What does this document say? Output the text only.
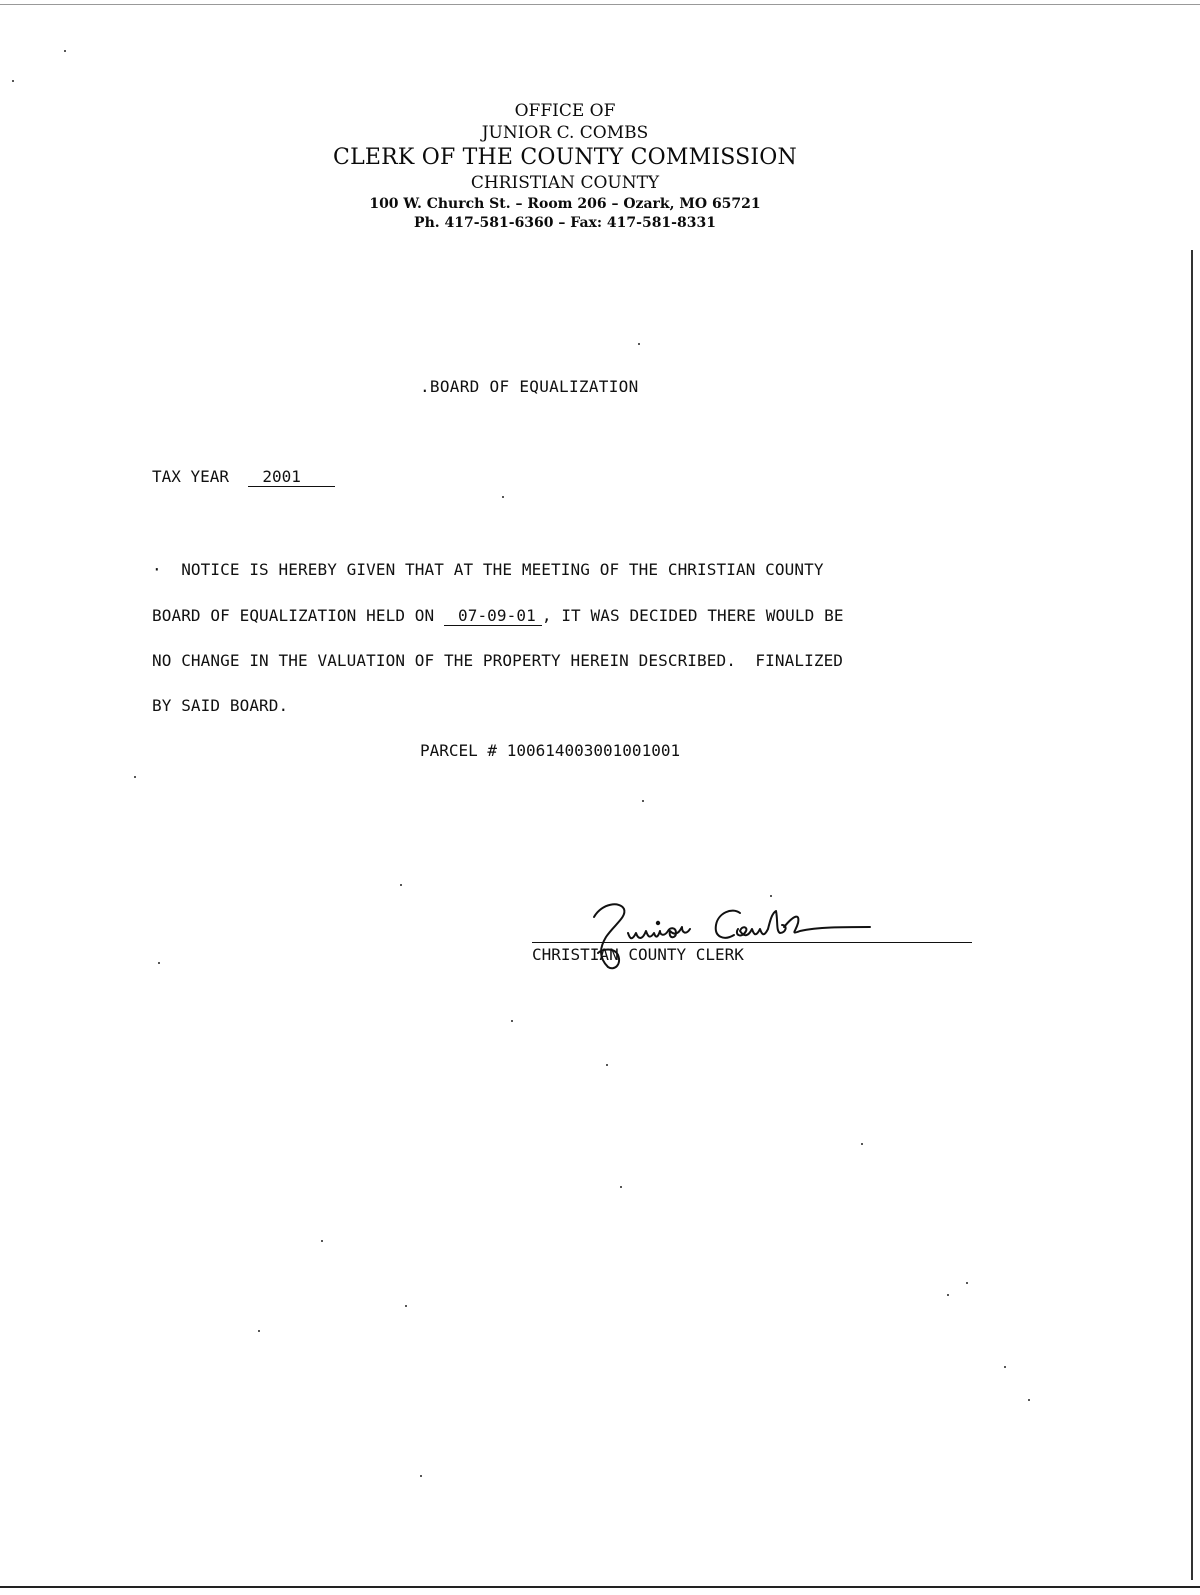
OFFICE OF
JUNIOR C. COMBS
CLERK OF THE COUNTY COMMISSION
CHRISTIAN COUNTY
100 W. Church St. – Room 206 – Ozark, MO 65721
Ph. 417-581-6360 – Fax: 417-581-8331
.BOARD OF EQUALIZATION
TAX YEAR 2001
·  NOTICE IS HEREBY GIVEN THAT AT THE MEETING OF THE CHRISTIAN COUNTY
BOARD OF EQUALIZATION HELD ON 07-09-01 , IT WAS DECIDED THERE WOULD BE
NO CHANGE IN THE VALUATION OF THE PROPERTY HEREIN DESCRIBED.  FINALIZED
BY SAID BOARD.
PARCEL # 100614003001001001
CHRISTIAN COUNTY CLERK
